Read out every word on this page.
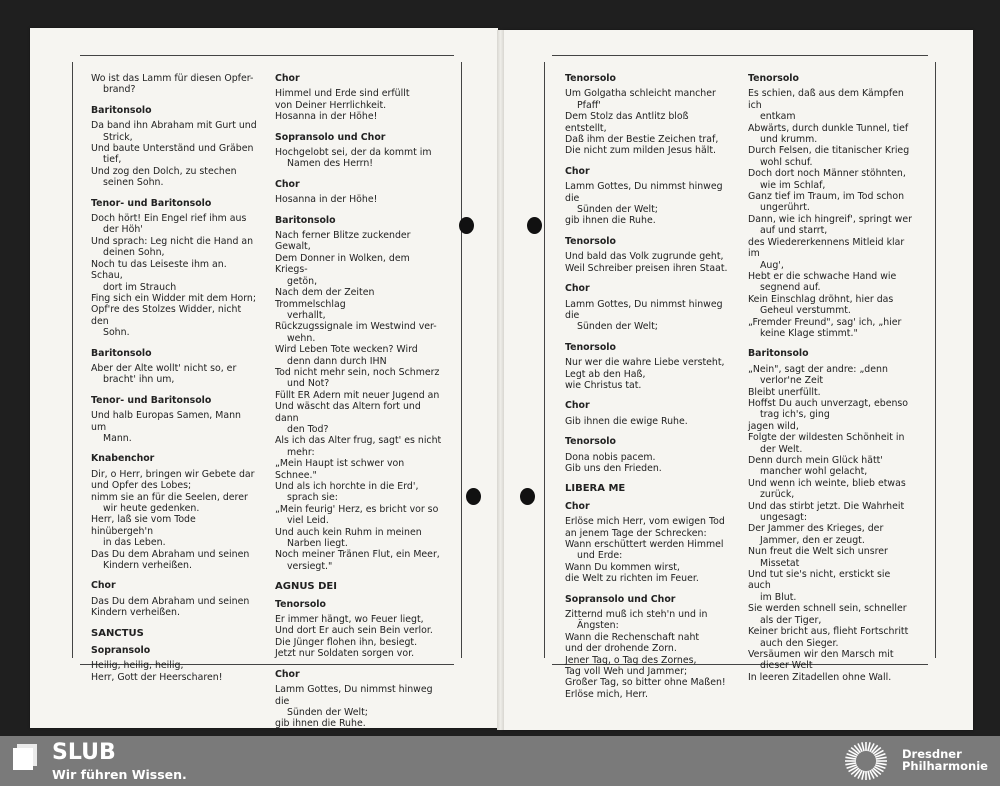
Wo ist das Lamm für diesen Opfer-
brand?
Baritonsolo
Da band ihn Abraham mit Gurt und
Strick,
Und baute Unterständ und Gräben
tief,
Und zog den Dolch, zu stechen
seinen Sohn.
Tenor- und Baritonsolo
Doch hört! Ein Engel rief ihm aus
der Höh'
Und sprach: Leg nicht die Hand an
deinen Sohn,
Noch tu das Leiseste ihm an. Schau,
dort im Strauch
Fing sich ein Widder mit dem Horn;
Opf're des Stolzes Widder, nicht den
Sohn.
Baritonsolo
Aber der Alte wollt' nicht so, er
bracht' ihn um,
Tenor- und Baritonsolo
Und halb Europas Samen, Mann um
Mann.
Knabenchor
Dir, o Herr, bringen wir Gebete dar
und Opfer des Lobes;
nimm sie an für die Seelen, derer
wir heute gedenken.
Herr, laß sie vom Tode hinübergeh'n
in das Leben.
Das Du dem Abraham und seinen
Kindern verheißen.
Chor
Das Du dem Abraham und seinen
Kindern verheißen.
SANCTUS
Sopransolo
Heilig, heilig, heilig,
Herr, Gott der Heerscharen!
Chor
Himmel und Erde sind erfüllt
von Deiner Herrlichkeit.
Hosanna in der Höhe!
Sopransolo und Chor
Hochgelobt sei, der da kommt im
Namen des Herrn!
Chor
Hosanna in der Höhe!
Baritonsolo
Nach ferner Blitze zuckender Gewalt,
Dem Donner in Wolken, dem Kriegs-
getön,
Nach dem der Zeiten Trommelschlag
verhallt,
Rückzugssignale im Westwind ver-
wehn.
Wird Leben Tote wecken? Wird
denn dann durch IHN
Tod nicht mehr sein, noch Schmerz
und Not?
Füllt ER Adern mit neuer Jugend an
Und wäscht das Altern fort und dann
den Tod?
Als ich das Alter frug, sagt' es nicht
mehr:
„Mein Haupt ist schwer von Schnee."
Und als ich horchte in die Erd',
sprach sie:
„Mein feurig' Herz, es bricht vor so
viel Leid.
Und auch kein Ruhm in meinen
Narben liegt.
Noch meiner Tränen Flut, ein Meer,
versiegt."
AGNUS DEI
Tenorsolo
Er immer hängt, wo Feuer liegt,
Und dort Er auch sein Bein verlor.
Die Jünger flohen ihn, besiegt.
Jetzt nur Soldaten sorgen vor.
Chor
Lamm Gottes, Du nimmst hinweg die
Sünden der Welt;
gib ihnen die Ruhe.
Tenorsolo
Um Golgatha schleicht mancher
Pfaff'
Dem Stolz das Antlitz bloß entstellt,
Daß ihm der Bestie Zeichen traf,
Die nicht zum milden Jesus hält.
Chor
Lamm Gottes, Du nimmst hinweg die
Sünden der Welt;
gib ihnen die Ruhe.
Tenorsolo
Und bald das Volk zugrunde geht,
Weil Schreiber preisen ihren Staat.
Chor
Lamm Gottes, Du nimmst hinweg die
Sünden der Welt;
Tenorsolo
Nur wer die wahre Liebe versteht,
Legt ab den Haß,
wie Christus tat.
Chor
Gib ihnen die ewige Ruhe.
Tenorsolo
Dona nobis pacem.
Gib uns den Frieden.
LIBERA ME
Chor
Erlöse mich Herr, vom ewigen Tod
an jenem Tage der Schrecken:
Wann erschüttert werden Himmel
und Erde:
Wann Du kommen wirst,
die Welt zu richten im Feuer.
Sopransolo und Chor
Zitternd muß ich steh'n und in
Ängsten:
Wann die Rechenschaft naht
und der drohende Zorn.
Jener Tag, o Tag des Zornes,
Tag voll Weh und Jammer;
Großer Tag, so bitter ohne Maßen!
Erlöse mich, Herr.
Tenorsolo
Es schien, daß aus dem Kämpfen ich
entkam
Abwärts, durch dunkle Tunnel, tief
und krumm.
Durch Felsen, die titanischer Krieg
wohl schuf.
Doch dort noch Männer stöhnten,
wie im Schlaf,
Ganz tief im Traum, im Tod schon
ungerührt.
Dann, wie ich hingreif', springt wer
auf und starrt,
des Wiedererkennens Mitleid klar im
Aug',
Hebt er die schwache Hand wie
segnend auf.
Kein Einschlag dröhnt, hier das
Geheul verstummt.
„Fremder Freund", sag' ich, „hier
keine Klage stimmt."
Baritonsolo
„Nein", sagt der andre: „denn
verlor'ne Zeit
Bleibt unerfüllt.
Hoffst Du auch unverzagt, ebenso
trag ich's, ging
jagen wild,
Folgte der wildesten Schönheit in
der Welt.
Denn durch mein Glück hätt'
mancher wohl gelacht,
Und wenn ich weinte, blieb etwas
zurück,
Und das stirbt jetzt. Die Wahrheit
ungesagt:
Der Jammer des Krieges, der
Jammer, den er zeugt.
Nun freut die Welt sich unsrer
Missetat
Und tut sie's nicht, erstickt sie auch
im Blut.
Sie werden schnell sein, schneller
als der Tiger,
Keiner bricht aus, flieht Fortschritt
auch den Sieger.
Versäumen wir den Marsch mit
dieser Welt
In leeren Zitadellen ohne Wall.
SLUB
Wir führen Wissen.
Dresdner
Philharmonie
